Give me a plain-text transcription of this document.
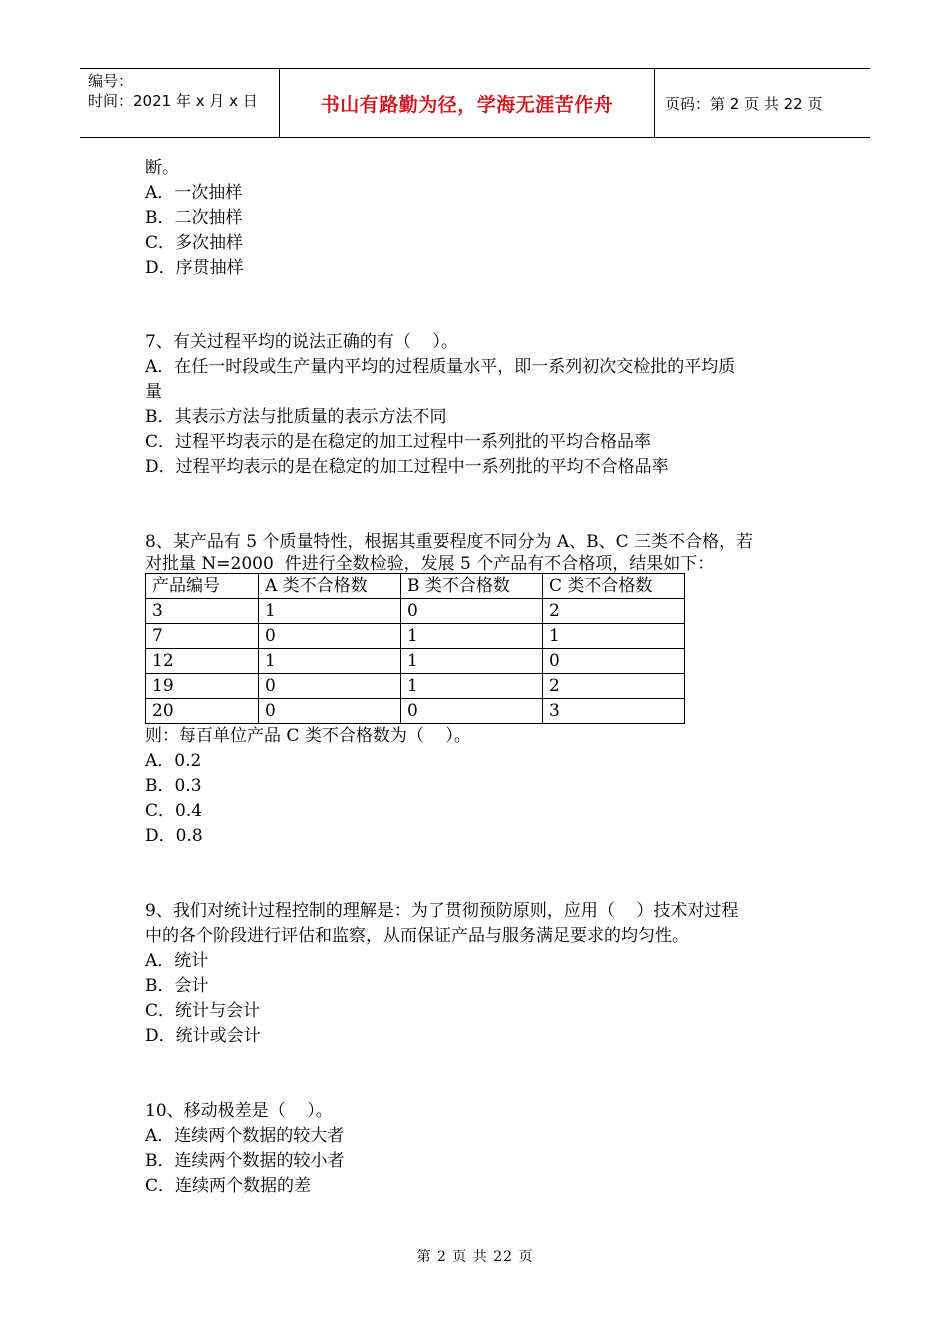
编号：
时间：2021 年 x 月 x 日	书山有路勤为径，学海无涯苦作舟	页码：第 2 页 共 22 页
断。
A．一次抽样
B．二次抽样
C．多次抽样
D．序贯抽样
7、有关过程平均的说法正确的有（    ）。
A．在任一时段或生产量内平均的过程质量水平，即一系列初次交检批的平均质
量
B．其表示方法与批质量的表示方法不同
C．过程平均表示的是在稳定的加工过程中一系列批的平均合格品率
D．过程平均表示的是在稳定的加工过程中一系列批的平均不合格品率
8、某产品有 5 个质量特性，根据其重要程度不同分为 A、B、C 三类不合格，若
对批量 N=2000  件进行全数检验，发展 5 个产品有不合格项，结果如下：
产品编号	A 类不合格数	B 类不合格数	C 类不合格数
3	1	0	2
7	0	1	1
12	1	1	0
19	0	1	2
20	0	0	3
则：每百单位产品 C 类不合格数为（    ）。
A．0.2
B．0.3
C．0.4
D．0.8
9、我们对统计过程控制的理解是：为了贯彻预防原则，应用（    ）技术对过程
中的各个阶段进行评估和监察，从而保证产品与服务满足要求的均匀性。
A．统计
B．会计
C．统计与会计
D．统计或会计
10、移动极差是（    ）。
A．连续两个数据的较大者
B．连续两个数据的较小者
C．连续两个数据的差
第 2 页 共 22 页
